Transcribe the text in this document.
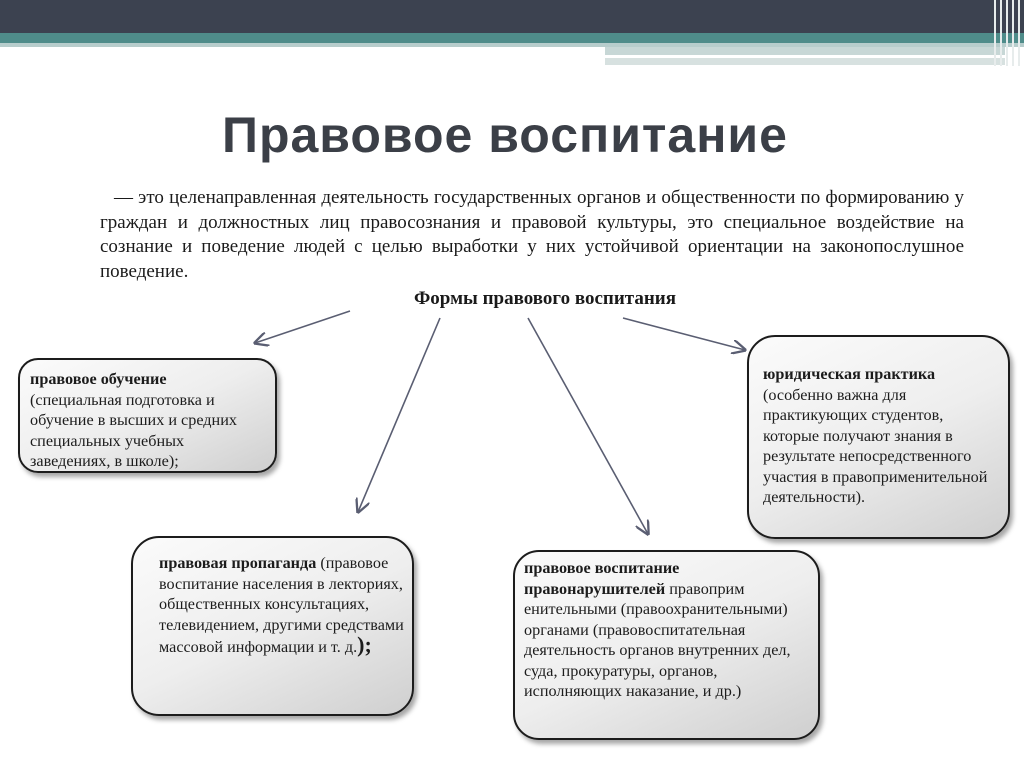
Правовое воспитание
— это целенаправленная деятельность государственных органов и общественности по формированию у граждан и должностных лиц правосознания и правовой культуры, это специальное воздействие на сознание и поведение людей с целью выработки у них устойчивой ориентации на законопослушное поведение.
Формы правового воспитания
правовое обучение
(специальная подготовка и обучение в высших и средних специальных учебных заведениях, в школе);
юридическая практика (особенно важна для практикующих студентов, которые получают знания в результате непосредственного участия в правоприменительной деятельности).
правовая пропаганда (правовое воспитание населения в лекториях, общественных консультациях, телевидением, другими средствами массовой информации и т. д.);
правовое воспитание правонарушителей правоприм енительными (правоохранительными) органами (правовоспитательная деятельность органов внутренних дел, суда, прокуратуры, органов, исполняющих наказание, и др.)
